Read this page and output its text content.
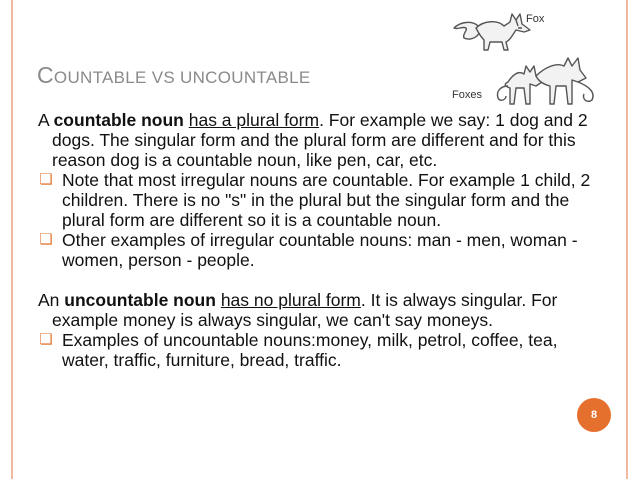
Fox
Foxes
COUNTABLE VS UNCOUNTABLE

A countable noun has a plural form. For example we say: 1 dog and 2 dogs. The singular form and the plural form are different and for this reason dog is a countable noun, like pen, car, etc.

❏ Note that most irregular nouns are countable. For example 1 child, 2 children. There is no "s" in the plural but the singular form and the plural form are different so it is a countable noun.

❏ Other examples of irregular countable nouns: man - men, woman - women, person - people.

An uncountable noun has no plural form. It is always singular. For example money is always singular, we can't say moneys.

❏ Examples of uncountable nouns:money, milk, petrol, coffee, tea, water, traffic, furniture, bread, traffic.

8
